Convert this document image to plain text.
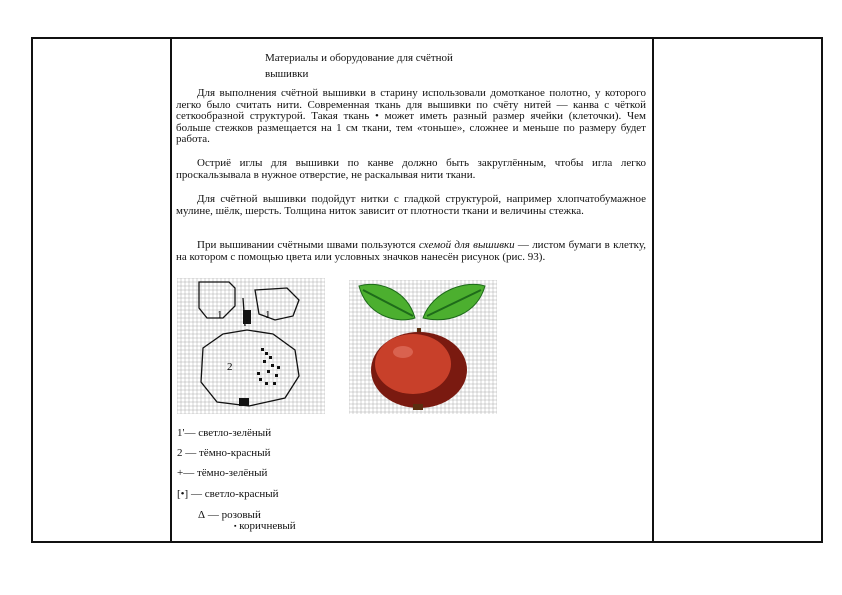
Материалы и оборудование для счётной
вышивки

Для выполнения счётной вышивки в старину использовали домотканое полотно, у которого легко было считать нити. Современная ткань для вышивки по счёту нитей — канва с чёткой сеткообразной структурой. Такая ткань • может иметь разный размер ячейки (клеточки). Чем больше стежков размещается на 1 см ткани, тем «тоньше», сложнее и меньше по размеру будет работа.

Остриё иглы для вышивки по канве должно быть закруглённым, чтобы игла легко проскальзывала в нужное отверстие, не раскалывая нити ткани.

Для счётной вышивки подойдут нитки с гладкой структурой, например хлопчатобумажное мулине, шёлк, шерсть. Толщина ниток зависит от плотности ткани и величины стежка.

При вышивании счётными швами пользуются схемой для вышивки — листом бумаги в клетку, на котором с помощью цвета или условных значков нанесён рисунок (рис. 93).

1	1
2
1'— светло-зелёный
2 — тёмно-красный
+— тёмно-зелёный
[•] — светло-красный
Δ — розовый
▪ коричневый
